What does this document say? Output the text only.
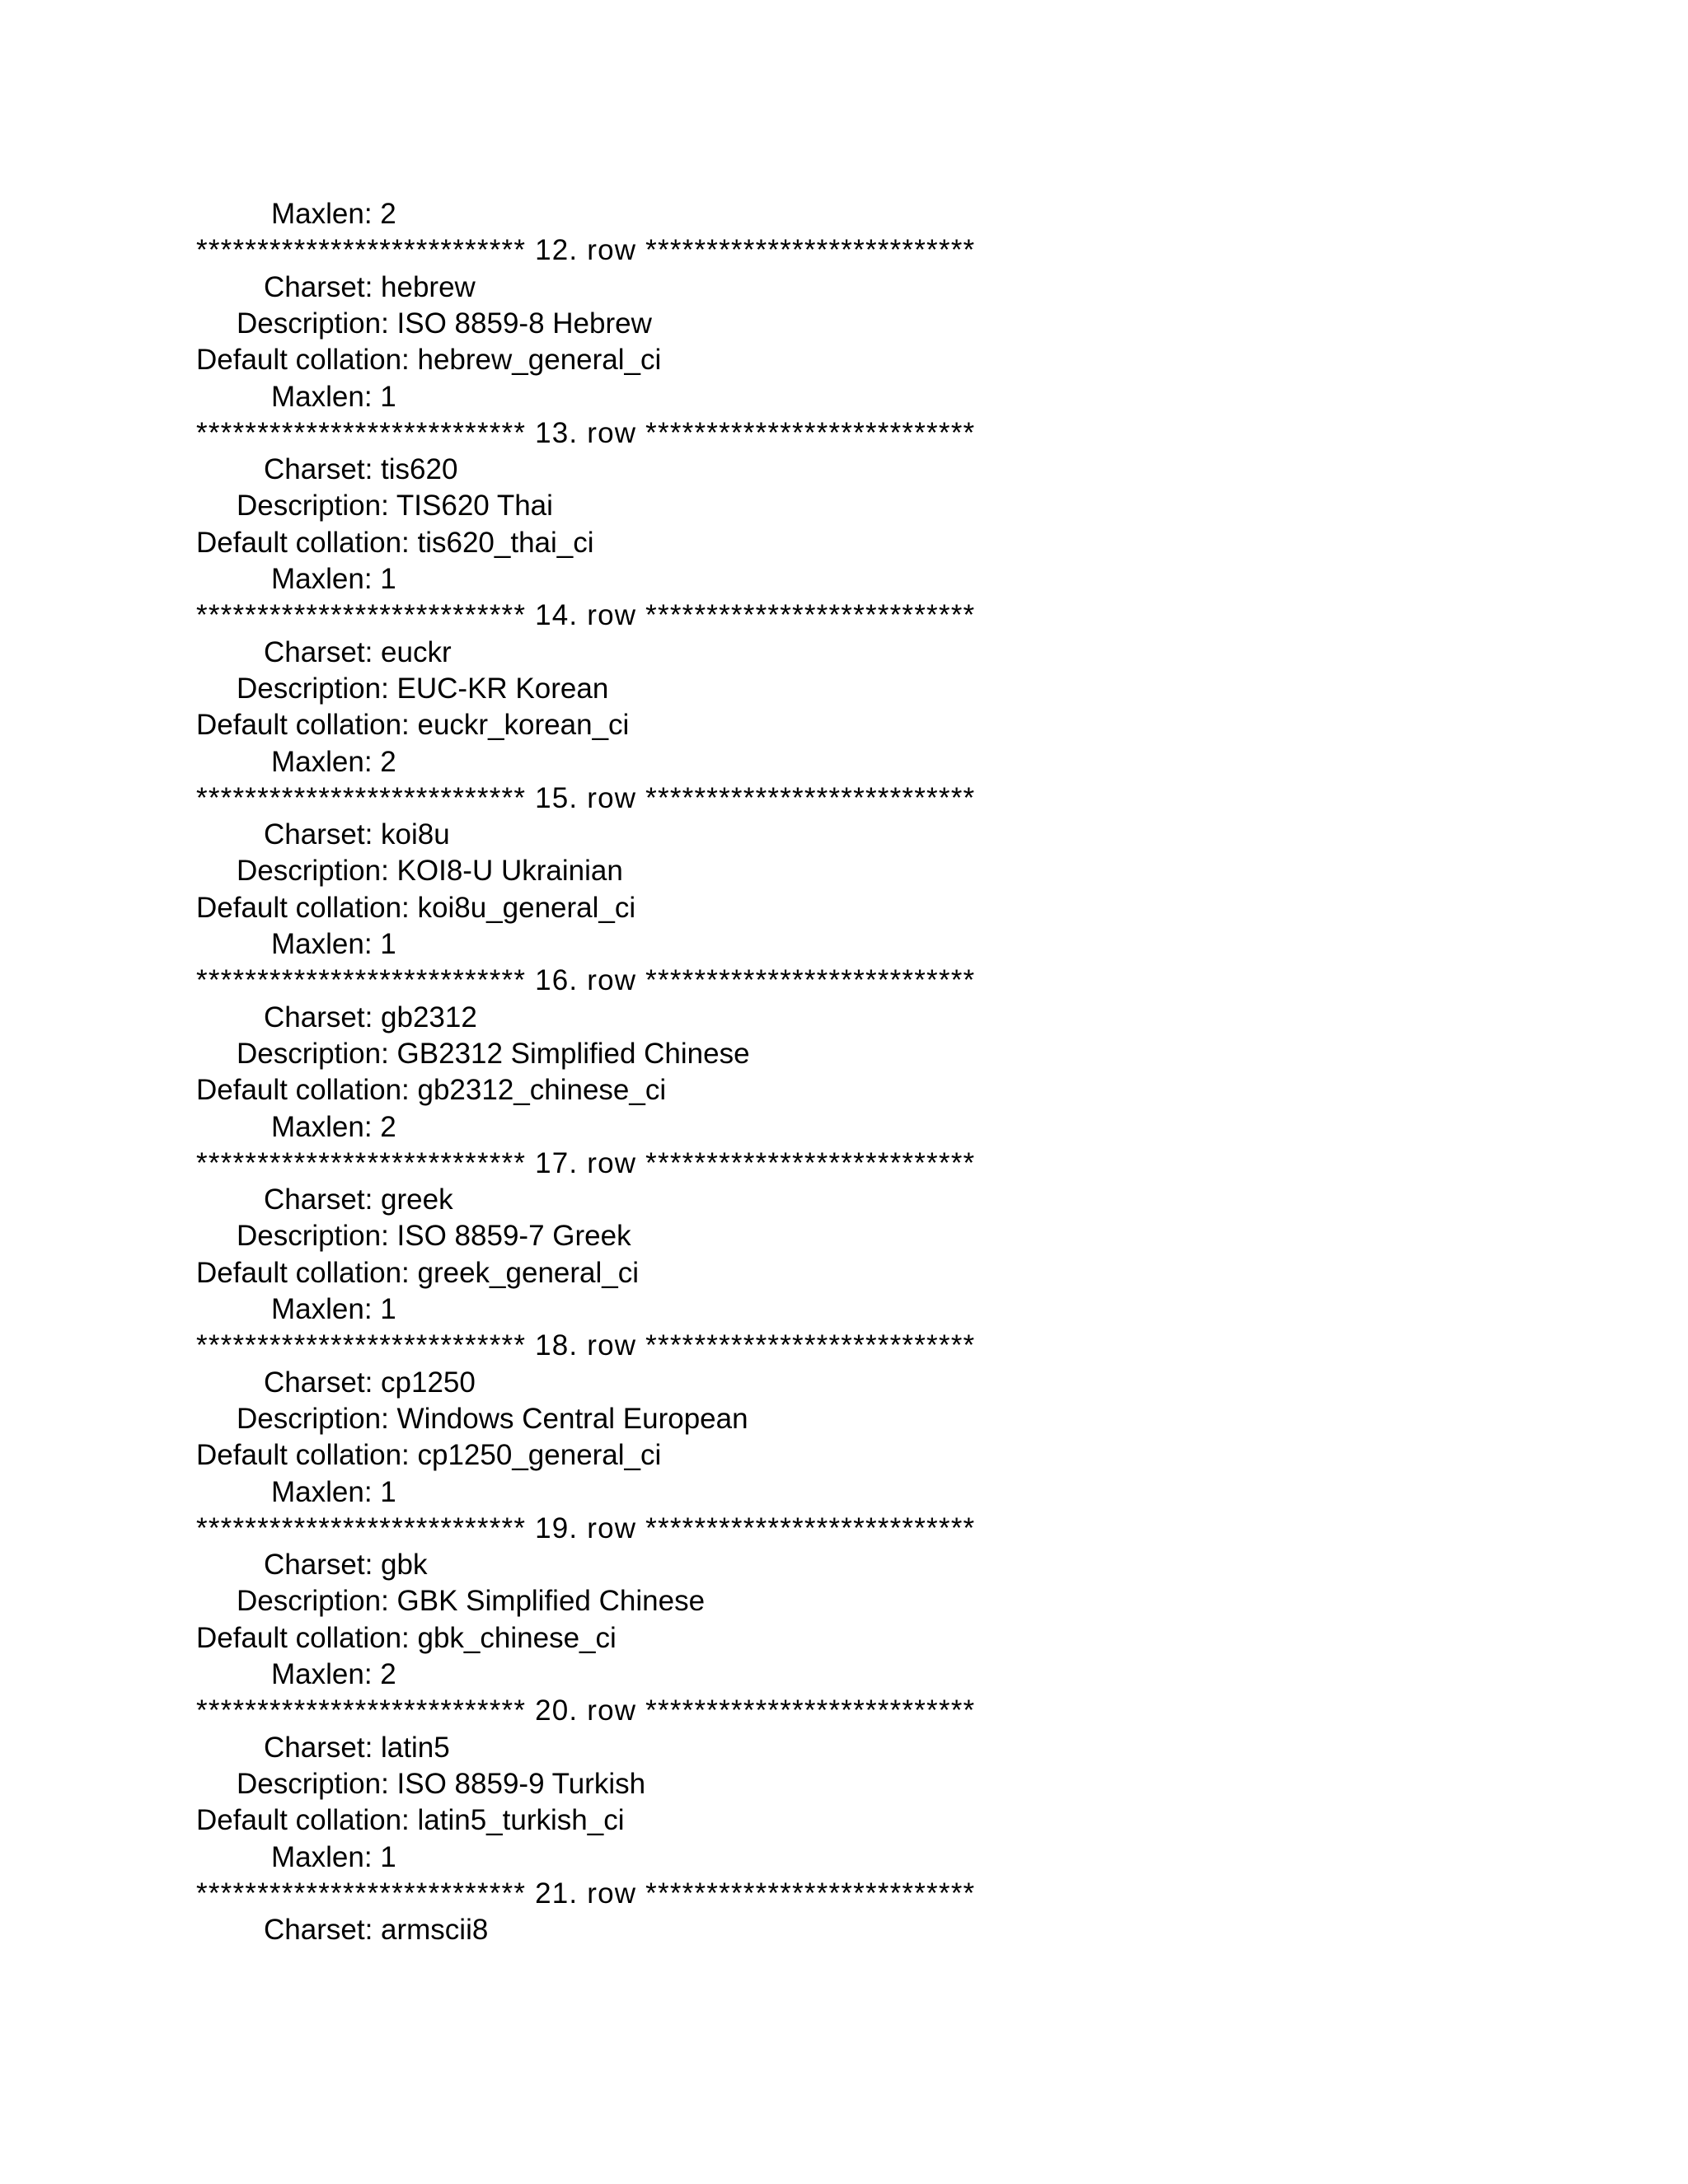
Maxlen: 2
*************************** 12. row ***************************
Charset: hebrew
Description: ISO 8859-8 Hebrew
Default collation: hebrew_general_ci
Maxlen: 1
*************************** 13. row ***************************
Charset: tis620
Description: TIS620 Thai
Default collation: tis620_thai_ci
Maxlen: 1
*************************** 14. row ***************************
Charset: euckr
Description: EUC-KR Korean
Default collation: euckr_korean_ci
Maxlen: 2
*************************** 15. row ***************************
Charset: koi8u
Description: KOI8-U Ukrainian
Default collation: koi8u_general_ci
Maxlen: 1
*************************** 16. row ***************************
Charset: gb2312
Description: GB2312 Simplified Chinese
Default collation: gb2312_chinese_ci
Maxlen: 2
*************************** 17. row ***************************
Charset: greek
Description: ISO 8859-7 Greek
Default collation: greek_general_ci
Maxlen: 1
*************************** 18. row ***************************
Charset: cp1250
Description: Windows Central European
Default collation: cp1250_general_ci
Maxlen: 1
*************************** 19. row ***************************
Charset: gbk
Description: GBK Simplified Chinese
Default collation: gbk_chinese_ci
Maxlen: 2
*************************** 20. row ***************************
Charset: latin5
Description: ISO 8859-9 Turkish
Default collation: latin5_turkish_ci
Maxlen: 1
*************************** 21. row ***************************
Charset: armscii8
